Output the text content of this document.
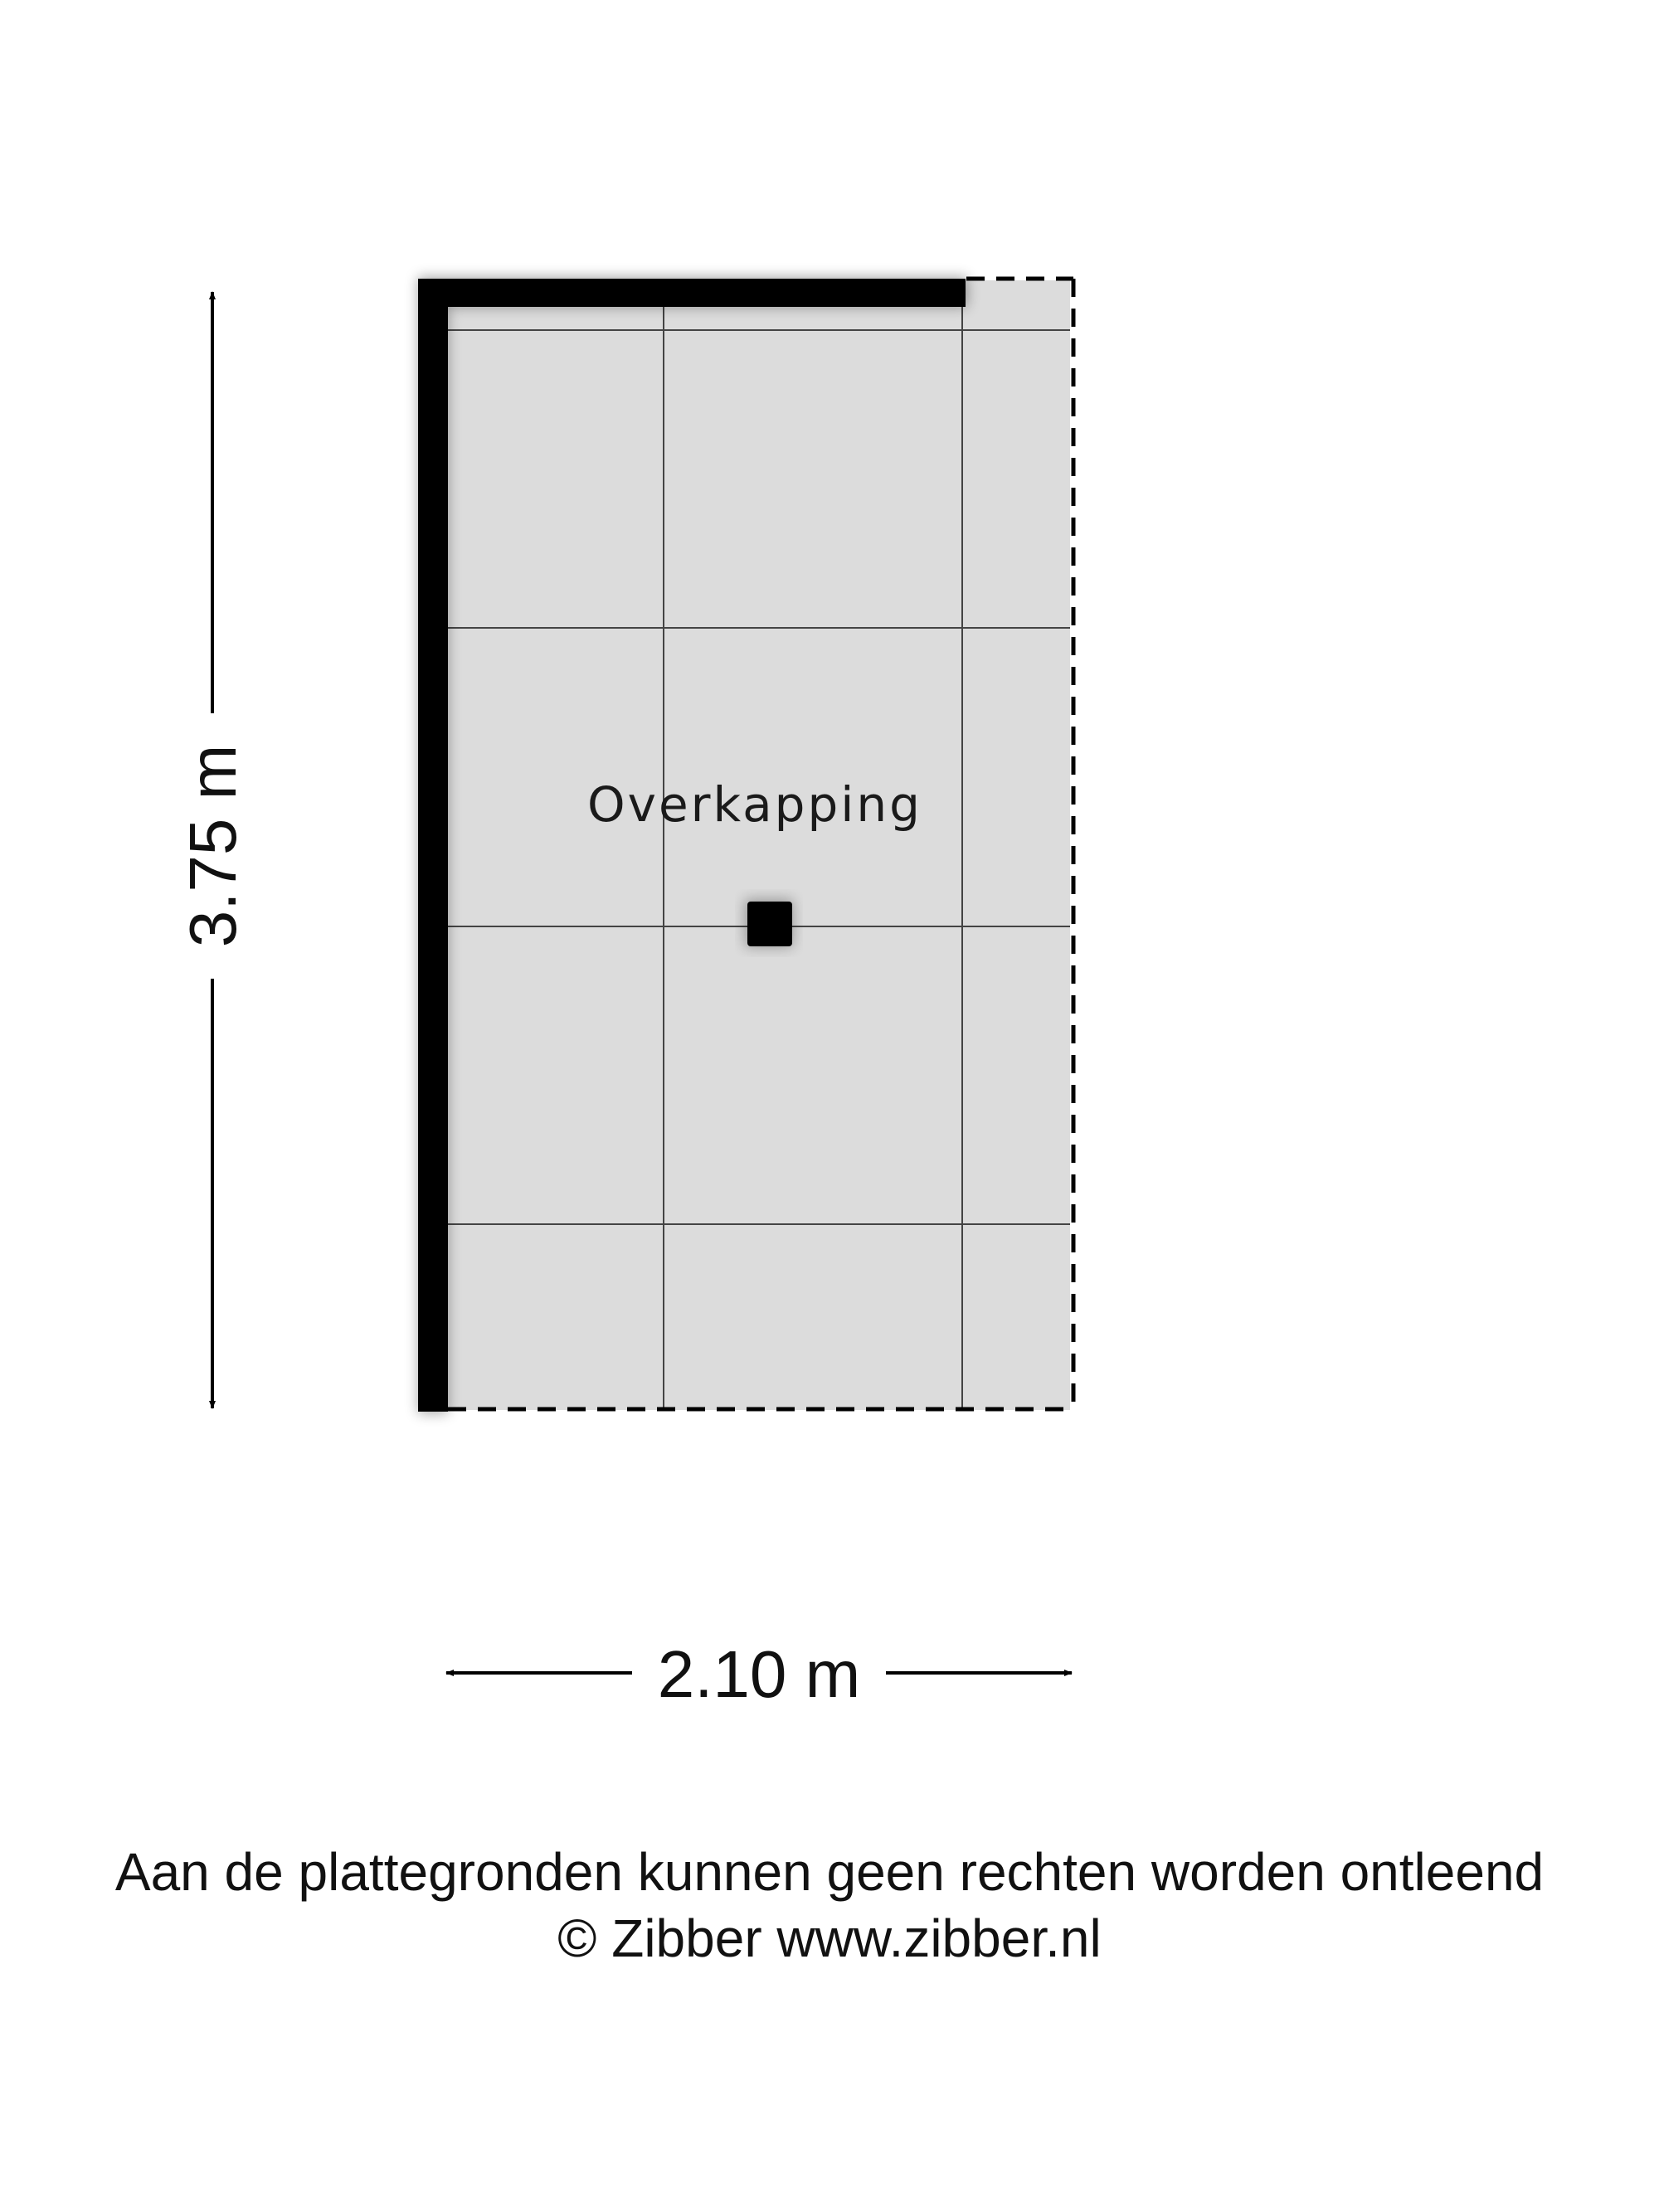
Overkapping
3.75 m
2.10 m
Aan de plattegronden kunnen geen rechten worden ontleend
© Zibber www.zibber.nl
